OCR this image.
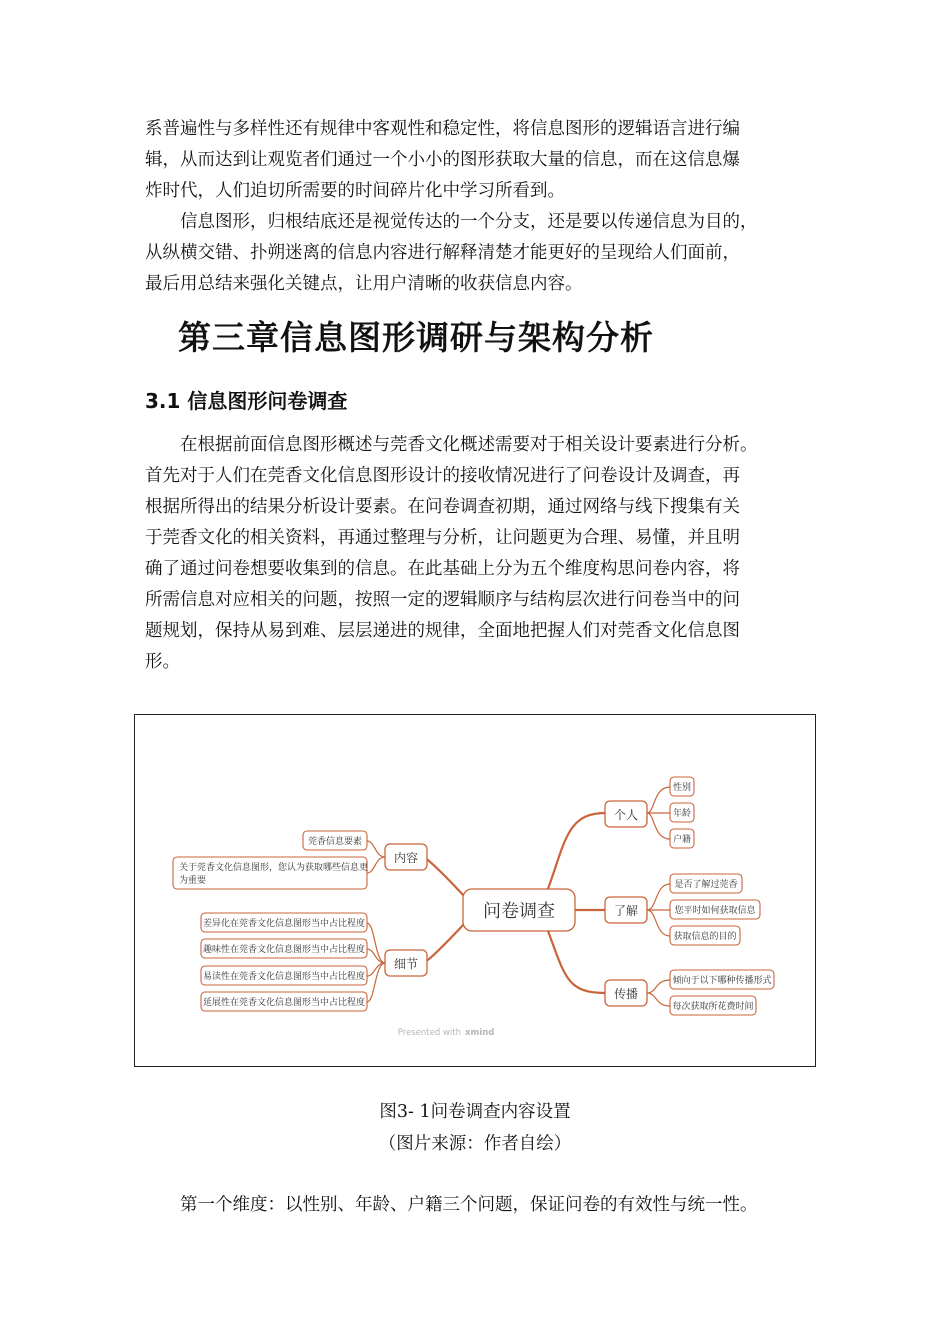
系普遍性与多样性还有规律中客观性和稳定性，将信息图形的逻辑语言进行编
辑，从而达到让观览者们通过一个小小的图形获取大量的信息，而在这信息爆
炸时代，人们迫切所需要的时间碎片化中学习所看到。
信息图形，归根结底还是视觉传达的一个分支，还是要以传递信息为目的，
从纵横交错、扑朔迷离的信息内容进行解释清楚才能更好的呈现给人们面前，
最后用总结来强化关键点，让用户清晰的收获信息内容。
第三章信息图形调研与架构分析
3.1 信息图形问卷调查
在根据前面信息图形概述与莞香文化概述需要对于相关设计要素进行分析。
首先对于人们在莞香文化信息图形设计的接收情况进行了问卷设计及调查，再
根据所得出的结果分析设计要素。在问卷调查初期，通过网络与线下搜集有关
于莞香文化的相关资料，再通过整理与分析，让问题更为合理、易懂，并且明
确了通过问卷想要收集到的信息。在此基础上分为五个维度构思问卷内容，将
所需信息对应相关的问题，按照一定的逻辑顺序与结构层次进行问卷当中的问
题规划，保持从易到难、层层递进的规律，全面地把握人们对莞香文化信息图
形。
问卷调查
个人
性别
年龄
户籍
了解
是否了解过莞香
您平时如何获取信息
获取信息的目的
传播
倾向于以下哪种传播形式
每次获取所花费时间
内容
莞香信息要素
关于莞香文化信息图形，您认为获取哪些信息更
为重要
细节
差异化在莞香文化信息图形当中占比程度
趣味性在莞香文化信息图形当中占比程度
易读性在莞香文化信息图形当中占比程度
延展性在莞香文化信息图形当中占比程度
Presented with xmind

图3- 1问卷调查内容设置

（图片来源：作者自绘）

第一个维度：以性别、年龄、户籍三个问题，保证问卷的有效性与统一性。
